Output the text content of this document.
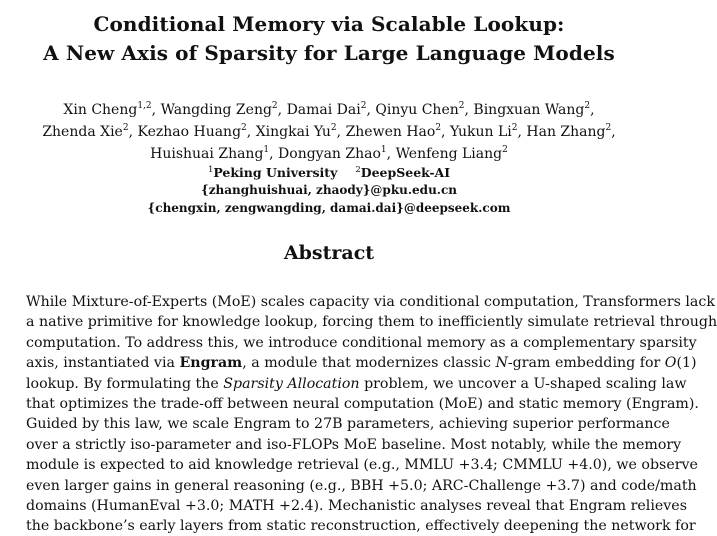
Conditional Memory via Scalable Lookup:
A New Axis of Sparsity for Large Language Models
Xin Cheng$^{1,2}$, Wangding Zeng$^2$, Damai Dai$^2$, Qinyu Chen$^2$, Bingxuan Wang$^2$,
Zhenda Xie$^2$, Kezhao Huang$^2$, Xingkai Yu$^2$, Zhewen Hao$^2$, Yukun Li$^2$, Han Zhang$^2$,
Huishuai Zhang$^1$, Dongyan Zhao$^1$, Wenfeng Liang$^2$
$^1$Peking University $^2$DeepSeek-AI
{zhanghuishuai, zhaody}@pku.edu.cn
{chengxin, zengwangding, damai.dai}@deepseek.com
Abstract
While Mixture-of-Experts (MoE) scales capacity via conditional computation, Transformers lack
a native primitive for knowledge lookup, forcing them to inefficiently simulate retrieval through
computation. To address this, we introduce conditional memory as a complementary sparsity
axis, instantiated via Engram, a module that modernizes classic N-gram embedding for O(1)
lookup. By formulating the Sparsity Allocation problem, we uncover a U-shaped scaling law
that optimizes the trade-off between neural computation (MoE) and static memory (Engram).
Guided by this law, we scale Engram to 27B parameters, achieving superior performance
over a strictly iso-parameter and iso-FLOPs MoE baseline. Most notably, while the memory
module is expected to aid knowledge retrieval (e.g., MMLU +3.4; CMMLU +4.0), we observe
even larger gains in general reasoning (e.g., BBH +5.0; ARC-Challenge +3.7) and code/math
domains (HumanEval +3.0; MATH +2.4). Mechanistic analyses reveal that Engram relieves
the backbone’s early layers from static reconstruction, effectively deepening the network for
